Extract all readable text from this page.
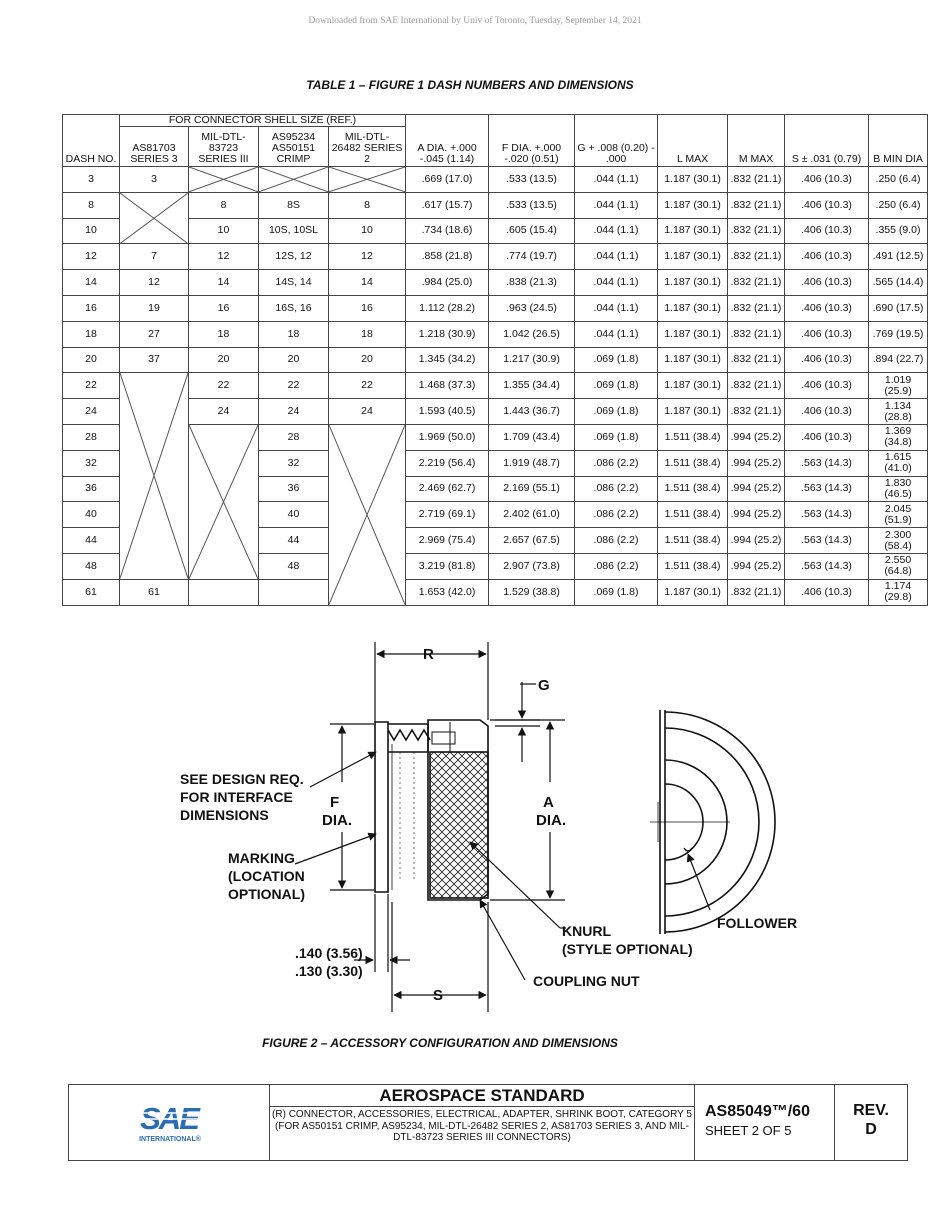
Downloaded from SAE International by Univ of Toronto, Tuesday, September 14, 2021
TABLE 1 – FIGURE 1 DASH NUMBERS AND DIMENSIONS
DASH NO.	FOR CONNECTOR SHELL SIZE (REF.)				A DIA. +.000 -.045 (1.14)	F DIA. +.000 -.020 (0.51)	G + .008 (0.20) - .000	L MAX	M MAX	S ± .031 (0.79)	B MIN DIA
	AS81703 SERIES 3	MIL-DTL- 83723 SERIES III	AS95234 AS50151 CRIMP	MIL-DTL- 26482 SERIES 2							
3	3				.669 (17.0)	.533 (13.5)	.044 (1.1)	1.187 (30.1)	.832 (21.1)	.406 (10.3)	.250 (6.4)
8		8	8S	8	.617 (15.7)	.533 (13.5)	.044 (1.1)	1.187 (30.1)	.832 (21.1)	.406 (10.3)	.250 (6.4)
10		10	10S, 10SL	10	.734 (18.6)	.605 (15.4)	.044 (1.1)	1.187 (30.1)	.832 (21.1)	.406 (10.3)	.355 (9.0)
12	7	12	12S, 12	12	.858 (21.8)	.774 (19.7)	.044 (1.1)	1.187 (30.1)	.832 (21.1)	.406 (10.3)	.491 (12.5)
14	12	14	14S, 14	14	.984 (25.0)	.838 (21.3)	.044 (1.1)	1.187 (30.1)	.832 (21.1)	.406 (10.3)	.565 (14.4)
16	19	16	16S, 16	16	1.112 (28.2)	.963 (24.5)	.044 (1.1)	1.187 (30.1)	.832 (21.1)	.406 (10.3)	.690 (17.5)
18	27	18	18	18	1.218 (30.9)	1.042 (26.5)	.044 (1.1)	1.187 (30.1)	.832 (21.1)	.406 (10.3)	.769 (19.5)
20	37	20	20	20	1.345 (34.2)	1.217 (30.9)	.069 (1.8)	1.187 (30.1)	.832 (21.1)	.406 (10.3)	.894 (22.7)
22		22	22	22	1.468 (37.3)	1.355 (34.4)	.069 (1.8)	1.187 (30.1)	.832 (21.1)	.406 (10.3)	1.019 (25.9)
24		24	24	24	1.593 (40.5)	1.443 (36.7)	.069 (1.8)	1.187 (30.1)	.832 (21.1)	.406 (10.3)	1.134 (28.8)
28			28		1.969 (50.0)	1.709 (43.4)	.069 (1.8)	1.511 (38.4)	.994 (25.2)	.406 (10.3)	1.369 (34.8)
32			32		2.219 (56.4)	1.919 (48.7)	.086 (2.2)	1.511 (38.4)	.994 (25.2)	.563 (14.3)	1.615 (41.0)
36			36		2.469 (62.7)	2.169 (55.1)	.086 (2.2)	1.511 (38.4)	.994 (25.2)	.563 (14.3)	1.830 (46.5)
40			40		2.719 (69.1)	2.402 (61.0)	.086 (2.2)	1.511 (38.4)	.994 (25.2)	.563 (14.3)	2.045 (51.9)
44			44		2.969 (75.4)	2.657 (67.5)	.086 (2.2)	1.511 (38.4)	.994 (25.2)	.563 (14.3)	2.300 (58.4)
48			48		3.219 (81.8)	2.907 (73.8)	.086 (2.2)	1.511 (38.4)	.994 (25.2)	.563 (14.3)	2.550 (64.8)
61	61				1.653 (42.0)	1.529 (38.8)	.069 (1.8)	1.187 (30.1)	.832 (21.1)	.406 (10.3)	1.174 (29.8)
R
G
F
DIA.
A
DIA.
S
SEE DESIGN REQ.
FOR INTERFACE
DIMENSIONS
MARKING
(LOCATION
OPTIONAL)
.140 (3.56)
.130 (3.30)
KNURL
(STYLE OPTIONAL)
COUPLING NUT
FOLLOWER
FIGURE 2 – ACCESSORY CONFIGURATION AND DIMENSIONS
SAE
INTERNATIONAL®
AEROSPACE STANDARD
(R) CONNECTOR, ACCESSORIES, ELECTRICAL, ADAPTER, SHRINK BOOT, CATEGORY 5 (FOR AS50151 CRIMP, AS95234, MIL-DTL-26482 SERIES 2, AS81703 SERIES 3, AND MIL-DTL-83723 SERIES III CONNECTORS)
AS85049™/60
SHEET 2 OF 5
REV.
D
